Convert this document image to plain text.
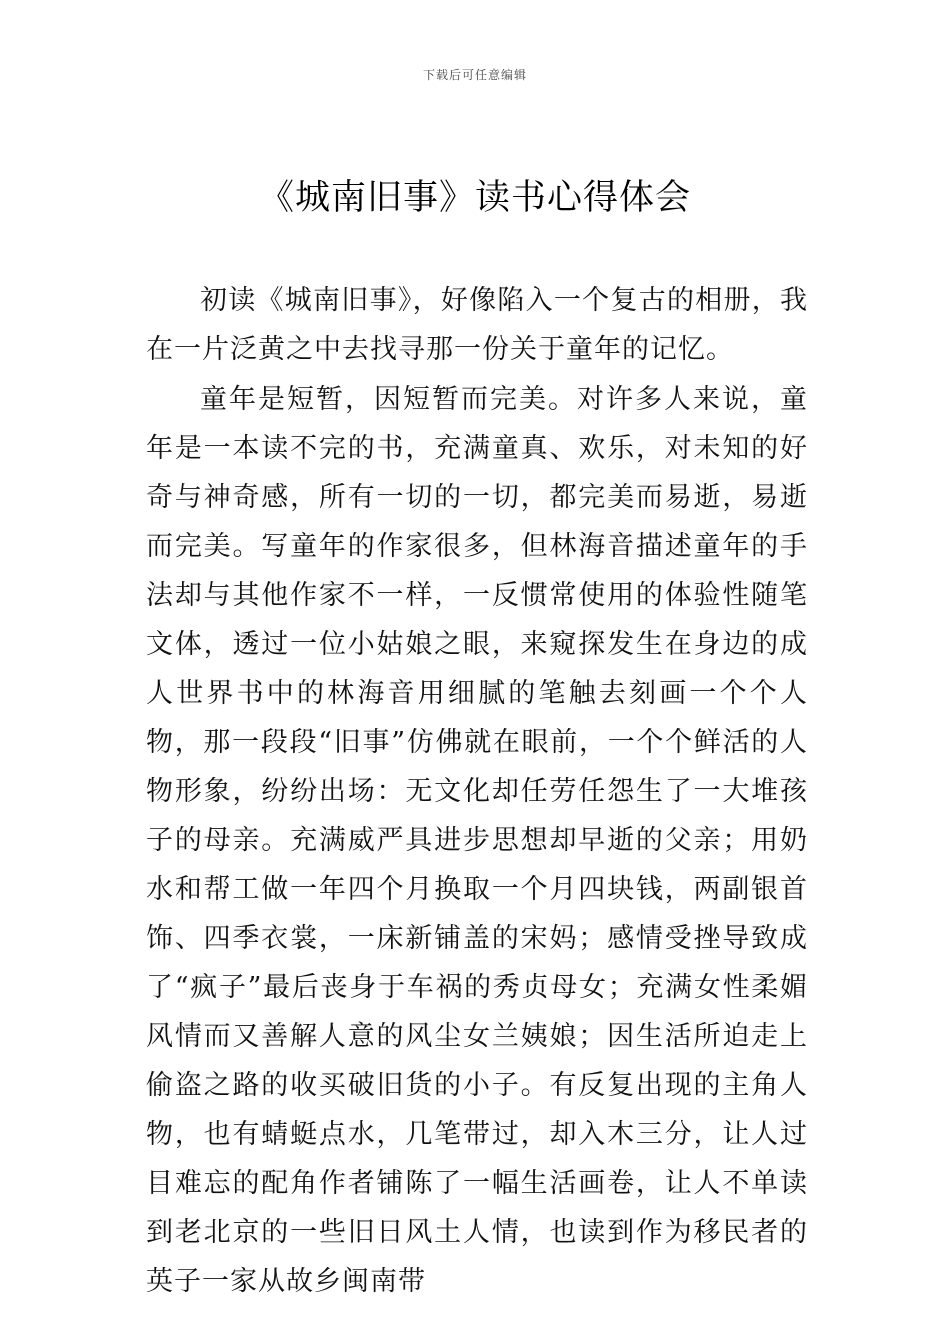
下载后可任意编辑
《城南旧事》读书心得体会

初读《城南旧事》，好像陷入一个复古的相册，我在一片泛黄之中去找寻那一份关于童年的记忆。

童年是短暂，因短暂而完美。对许多人来说，童年是一本读不完的书，充满童真、欢乐，对未知的好奇与神奇感，所有一切的一切，都完美而易逝，易逝而完美。写童年的作家很多，但林海音描述童年的手法却与其他作家不一样，一反惯常使用的体验性随笔文体，透过一位小姑娘之眼，来窥探发生在身边的成人世界书中的林海音用细腻的笔触去刻画一个个人物，那一段段“旧事”仿佛就在眼前，一个个鲜活的人物形象，纷纷出场：无文化却任劳任怨生了一大堆孩子的母亲。充满威严具进步思想却早逝的父亲；用奶水和帮工做一年四个月换取一个月四块钱，两副银首饰、四季衣裳，一床新铺盖的宋妈；感情受挫导致成了“疯子”最后丧身于车祸的秀贞母女；充满女性柔媚风情而又善解人意的风尘女兰姨娘；因生活所迫走上偷盗之路的收买破旧货的小子。有反复出现的主角人物，也有蜻蜓点水，几笔带过，却入木三分，让人过目难忘的配角作者铺陈了一幅生活画卷，让人不单读到老北京的一些旧日风土人情，也读到作为移民者的英子一家从故乡闽南带
